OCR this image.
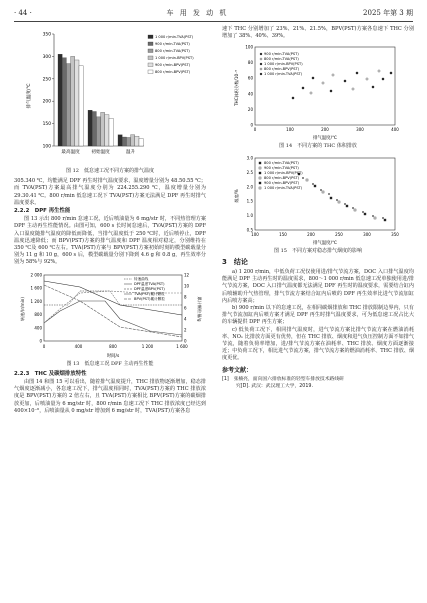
· 44 ·	车 用 发 动 机	2025 年第 3 期
排气温度/℃
100
150
200
250
300
350
最高温度	初始温度	温升
1 000 r/min-TVA(PST)
900 r/min-TVA(PST)
800 r/min-TVA(PST)
1 000 r/min-BPV(PST)
900 r/min-BPV(PST)
800 r/min-BPV(PST)
图 12　低怠速工况不同方案的排气温度

305.340 ℃，均能满足 DPF 再生时排气温度要求，温度增量分别为 48.50.55 ℃；而 TVA(PST)方案最高排气温度分别为 224.255.290 ℃，温度增量分别为 29.30.41 ℃。800 r/min 低怠速工况下 TVA(PST)方案无法满足 DPF 再生时排气温度要求。

2.2.2　DPF 再生性能

图 13 示出 800 r/min 怠速工况，近后喷油量为 6 mg/str 时，不同热管理方案 DPF 主动再生性能情况。由图可知，600 s 长时间怠速后，TVA(PST)方案的 DPF 入口温度随排气温度的降低而降低，当排气温度低于 250 ℃时，近后喷停止，DPF 温度迅速降低；而 BPV(PST)方案的排气温度和 DPF 温度相对稳定，分别维持在 350 ℃及 600 ℃左右。TVA(PST)方案与 BPV(PST)方案初始时刻的模型碳载量分别为 11 g 和 10 g，600 s 后，模型碳载量分别下降到 4.6 g 和 0.8 g，再生效率分别为 58%与 92%。

转速/(r/min)	累计颗粒量/g
2 000
1 600
1 200
800
400
0
12
10
8
6
4
2
0
0	400	800	1 200	1 600
时间/s
转速曲线
DPF温度TVA(PST)
DPF温度BPV(PST)
TVA(PST)累计颗粒
BPV(PST)累计颗粒
图 13　低怠速工况 DPF 主动再生性能
2.2.3　THC 及碳烟排放特性

由图 14 和图 15 可以看出，随着排气温度提升，THC 排放物逐渐增加，稳态排气烟度逐渐减小，各怠速工况下，排气温度相同时，TVA(PST)方案的 THC 排放浓度是 BPV(PST)方案的 2 倍左右，且 TVA(PST)方案相比 BPV(PST)方案的碳烟排放更加，后喷油量为 6 mg/str 时，800 r/min 怠速工况下 THC 排放浓度已经达到 400×10⁻⁶，后喷油量从 0 mg/str 增加到 6 mg/str 时，TVA(PST)方案各怠

速下 THC 分别增加了 23%、21%、21.5%，BPV(PST)方案各怠速下 THC 分别增加了 38%、40%、39%。

THC体积分数/10⁻⁶
100
80
60
40
20
0
0	100	200	300	400
排气温度/℃
900 r/min-TVA(PST)
800 r/min-TVA(PST)
1 000 r/min-BPV(PST)
800 r/min-BPV(PST)
1 000 r/min-TVA(PST)
图 14　不同方案的 THC 体积排放
烟度/%
3.0
2.5
2.0
1.5
1.0
0.5
100	150	200	250	300	350
排气温度/℃
800 r/min-TVA(PST)
900 r/min-TVA(PST)
1 000 r/min-BPV(PST)
800 r/min-BPV(PST)
900 r/min-BPV(PST)
1 000 r/min-TVA(PST)
图 15　不同方案对稳态排气烟度的影响
3　结论

a) 1 200 r/min，中低负荷工况仅使用进/排气节流方案，DOC 入口排气温度均能满足 DPF 主动再生时的温度需求，800～1 000 r/min 低怠速工况单独使用进/排气节流方案，DOC 入口排气温度都无法满足 DPF 再生时的温度要求，需要结合缸内后喷辅助升气热管理，排气节流方案结合缸内后喷的 DPF 再生效率比进气节流加缸内后喷方案高；

b) 900 r/min 以下的怠速工况，在相同碳烟排放和 THC 排放限制边界内，只有排气节流加缸内后喷方案才满足 DPF 再生时排气温度要求，可为低怠速工况占比大的车辆提供 DPF 再生方案；

c) 低负荷工况下，相同排气温度时，进气节流方案比排气节流方案在燃油消耗率、NOₓ 比排放方面更有优势，但在 THC 排放、烟度和进气负压控制方面不如排气节流，随着负荷率增加，进/排气节流方案在油耗率、THC 排放、烟度方面逐渐接近；中负荷工况下，相比进气节流方案，排气节流方案的燃油消耗率、THC 排放、烟度更优。

参考文献：
[1]　张楠亮，面向国六排放标准的轻型车排放技术路线研
究[D]. 武汉：武汉理工大学，2019.
